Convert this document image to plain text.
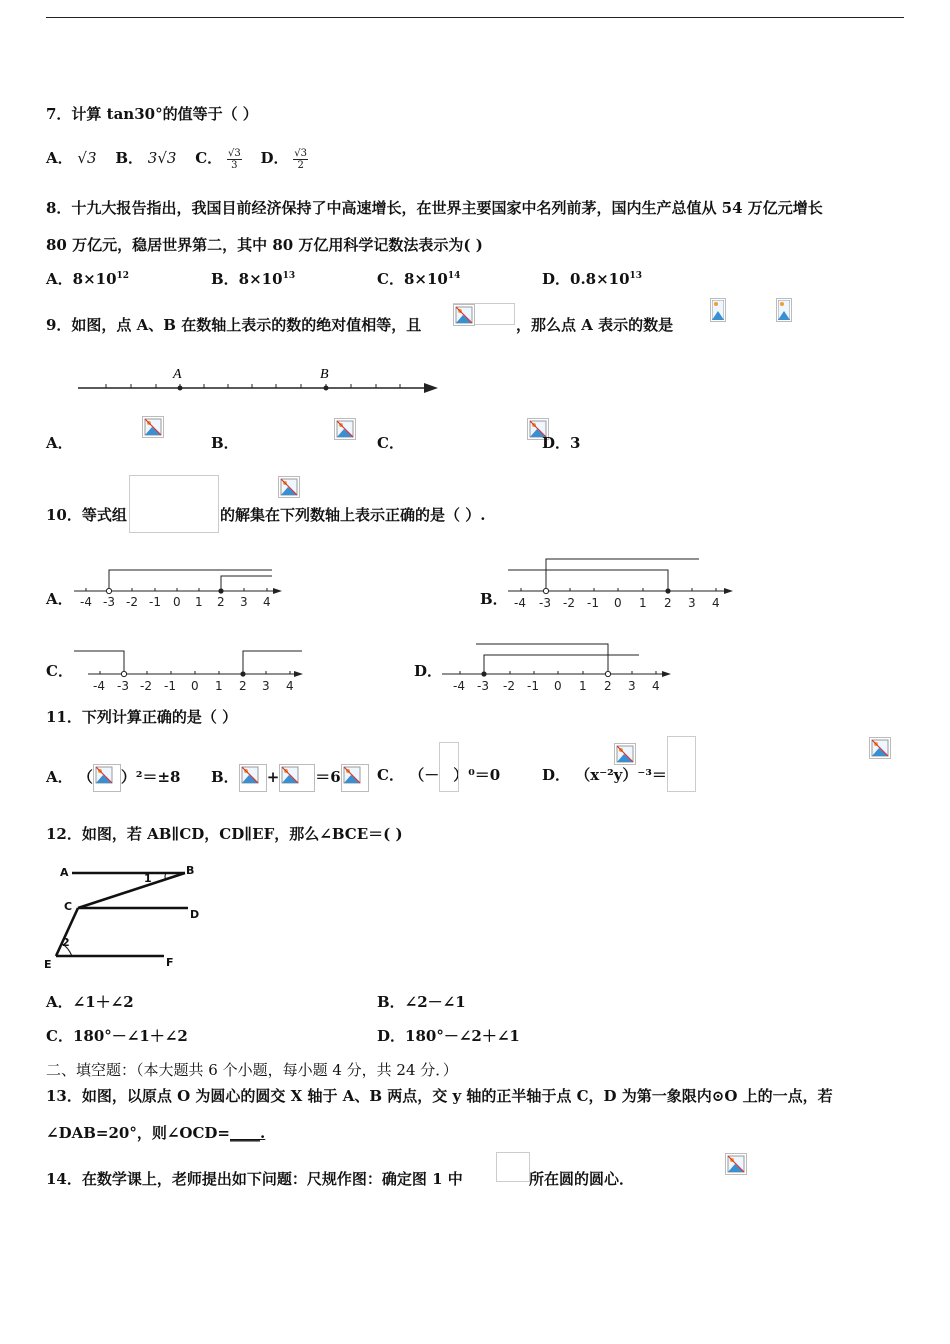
7．计算 tan30°的值等于（ ）
A． √3 B． 3√3 C． $\frac{√3}{3}$ D． $\frac{√3}{2}$
8．十九大报告指出，我国目前经济保持了中高速增长，在世界主要国家中名列前茅，国内生产总值从 54 万亿元增长
80 万亿元，稳居世界第二，其中 80 万亿用科学记数法表示为( )
A．$8\times 10^{12}$	B．$8\times 10^{13}$	C．$8\times 10^{14}$	D．$0.8\times 10^{13}$
9．如图，点 A、B 在数轴上表示的数的绝对值相等，且
	，那么点 A 表示的数是

A	B
A．
	B．
	C．
	D．3

10．等式组	的解集在下列数轴上表示正确的是（ ）.
A． -4 -3 -2 -1 0 1 2 3 4	B． -4 -3 -2 -1 0 1 2 3 4
C．
-4 -3 -2 -1 0 1 2 3 4
D．
-4 -3 -2 -1 0 1 2 3 4
11．下列计算正确的是（ ）
A． （ ）²＝±8 B． + ＝6	C． （－ ）⁰＝0
	D． （x⁻²y）⁻³＝

12．如图，若 AB∥CD，CD∥EF，那么∠BCE＝( )
A	B
C
D
E	F
1
2
A．∠1＋∠2	B．∠2－∠1
C．180°－∠1＋∠2	D．180°－∠2＋∠1
二、填空题：（本大题共 6 个小题，每小题 4 分，共 24 分．）
13．如图，以原点 O 为圆心的圆交 X 轴于 A、B 两点，交 y 轴的正半轴于点 C，D 为第一象限内⊙O 上的一点，若
∠DAB=20°，则∠OCD=____.
14．在数学课上，老师提出如下问题：尺规作图：确定图 1 中	所在圆的圆心．
